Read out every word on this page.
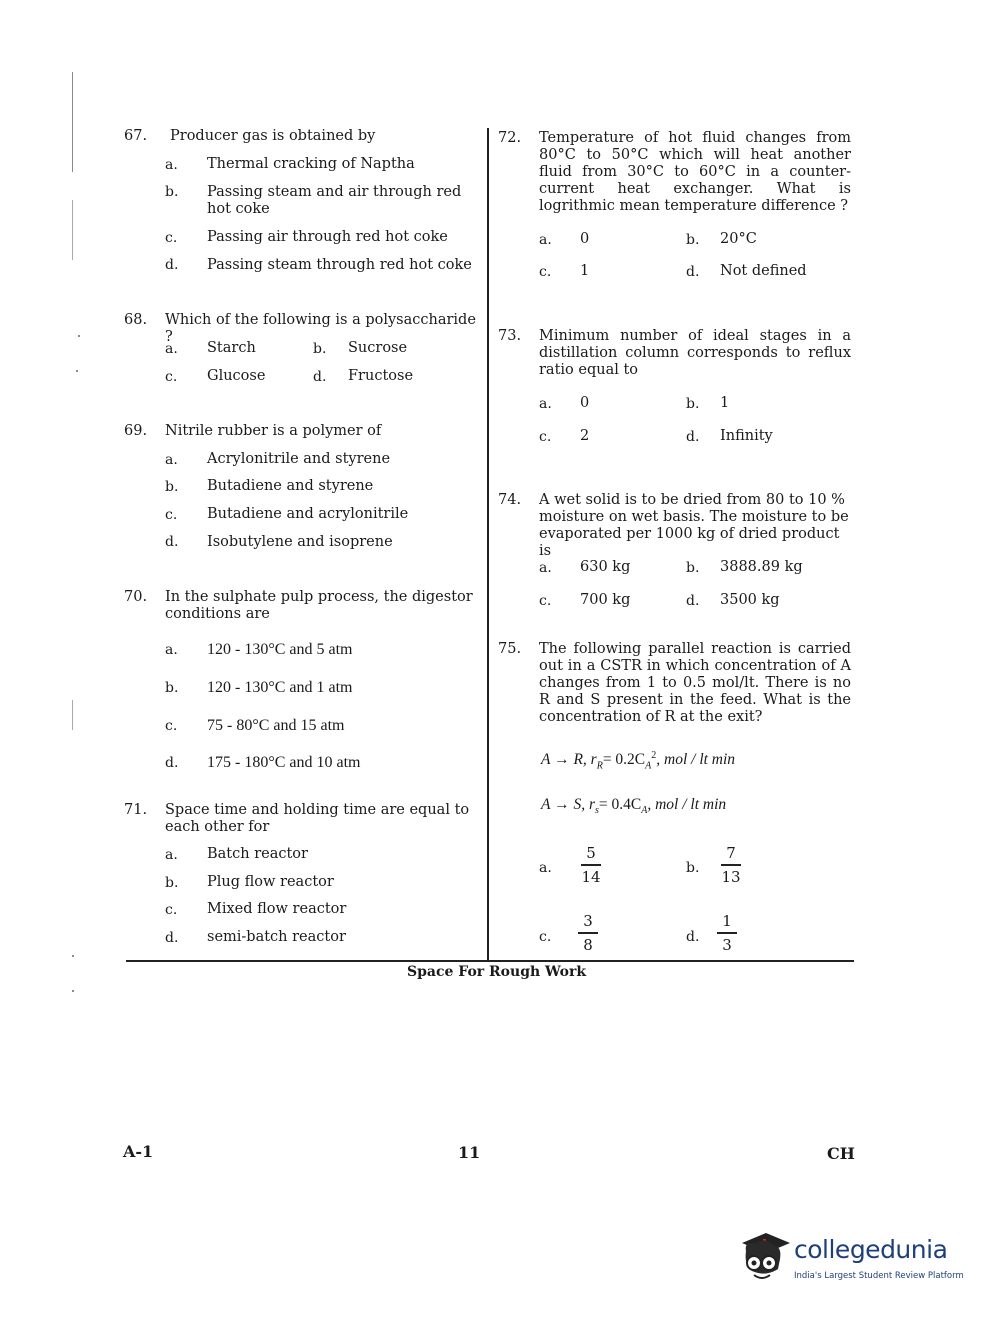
67. Producer gas is obtained by
a. Thermal cracking of Naptha
b. Passing steam and air through red hot coke
c. Passing air through red hot coke
d. Passing steam through red hot coke
68. Which of the following is a polysaccharide ?
a. Starch	b. Sucrose
c. Glucose	d. Fructose
69. Nitrile rubber is a polymer of
a. Acrylonitrile and styrene
b. Butadiene and styrene
c. Butadiene and acrylonitrile
d. Isobutylene and isoprene
70. In the sulphate pulp process, the digestor conditions are
a. 120 - 130°C and 5 atm
b. 120 - 130°C and 1 atm
c. 75 - 80°C and 15 atm
d. 175 - 180°C and 10 atm
71. Space time and holding time are equal to each other for
a. Batch reactor
b. Plug flow reactor
c. Mixed flow reactor
d. semi-batch reactor
72. Temperature of hot fluid changes from 80°C to 50°C which will heat another fluid from 30°C to 60°C in a counter-current heat exchanger. What is logrithmic mean temperature difference ?
a. 0	b. 20°C
c. 1	d. Not defined
73. Minimum number of ideal stages in a distillation column corresponds to reflux ratio equal to
a. 0	b. 1
c. 2	d. Infinity
74. A wet solid is to be dried from 80 to 10 % moisture on wet basis. The moisture to be evaporated per 1000 kg of dried product is
a. 630 kg	b. 3888.89 kg
c. 700 kg	d. 3500 kg
75. The following parallel reaction is carried out in a CSTR in which concentration of A changes from 1 to 0.5 mol/lt. There is no R and S present in the feed. What is the concentration of R at the exit?
A → R, $r_R= 0.2C_A^2$, mol / lt min
A → S, $r_s= 0.4C_A$, mol / lt min
a.
5
14	b.
7
13
c.
3
8	d.
1
3
Space For Rough Work
A-1	11	CH
collegedunia
India's Largest Student Review Platform
